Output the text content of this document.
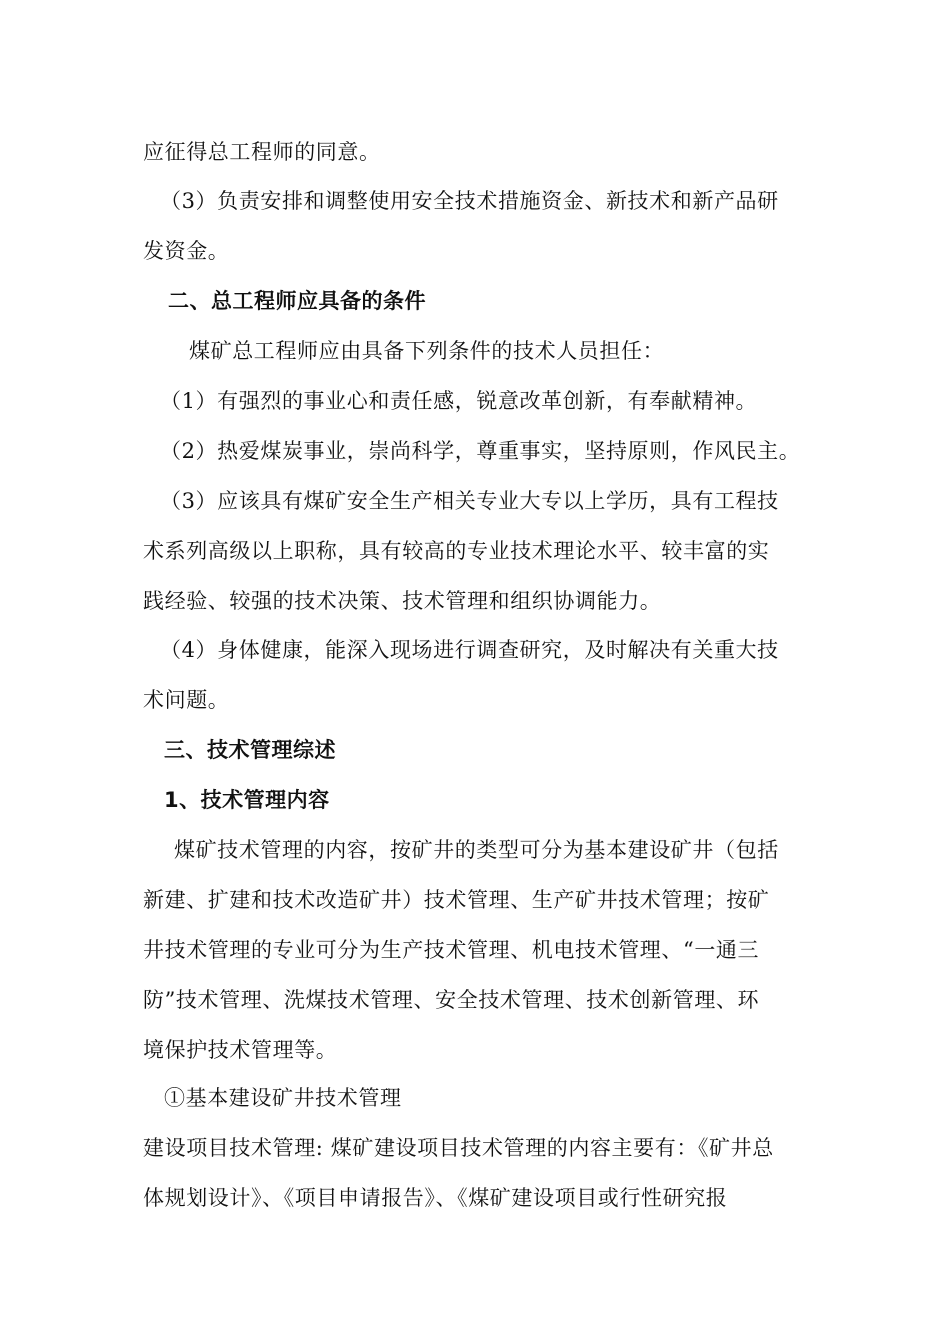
应征得总工程师的同意。
（3）负责安排和调整使用安全技术措施资金、新技术和新产品研
发资金。
二、总工程师应具备的条件
煤矿总工程师应由具备下列条件的技术人员担任：
（1）有强烈的事业心和责任感，锐意改革创新，有奉献精神。
（2）热爱煤炭事业，崇尚科学，尊重事实，坚持原则，作风民主。
（3）应该具有煤矿安全生产相关专业大专以上学历，具有工程技
术系列高级以上职称，具有较高的专业技术理论水平、较丰富的实
践经验、较强的技术决策、技术管理和组织协调能力。
（4）身体健康，能深入现场进行调查研究，及时解决有关重大技
术问题。
三、技术管理综述
1、技术管理内容
煤矿技术管理的内容，按矿井的类型可分为基本建设矿井（包括
新建、扩建和技术改造矿井）技术管理、生产矿井技术管理；按矿
井技术管理的专业可分为生产技术管理、机电技术管理、“一通三
防”技术管理、洗煤技术管理、安全技术管理、技术创新管理、环
境保护技术管理等。
①基本建设矿井技术管理
建设项目技术管理: 煤矿建设项目技术管理的内容主要有：《矿井总
体规划设计》、《项目申请报告》、《煤矿建设项目或行性研究报
